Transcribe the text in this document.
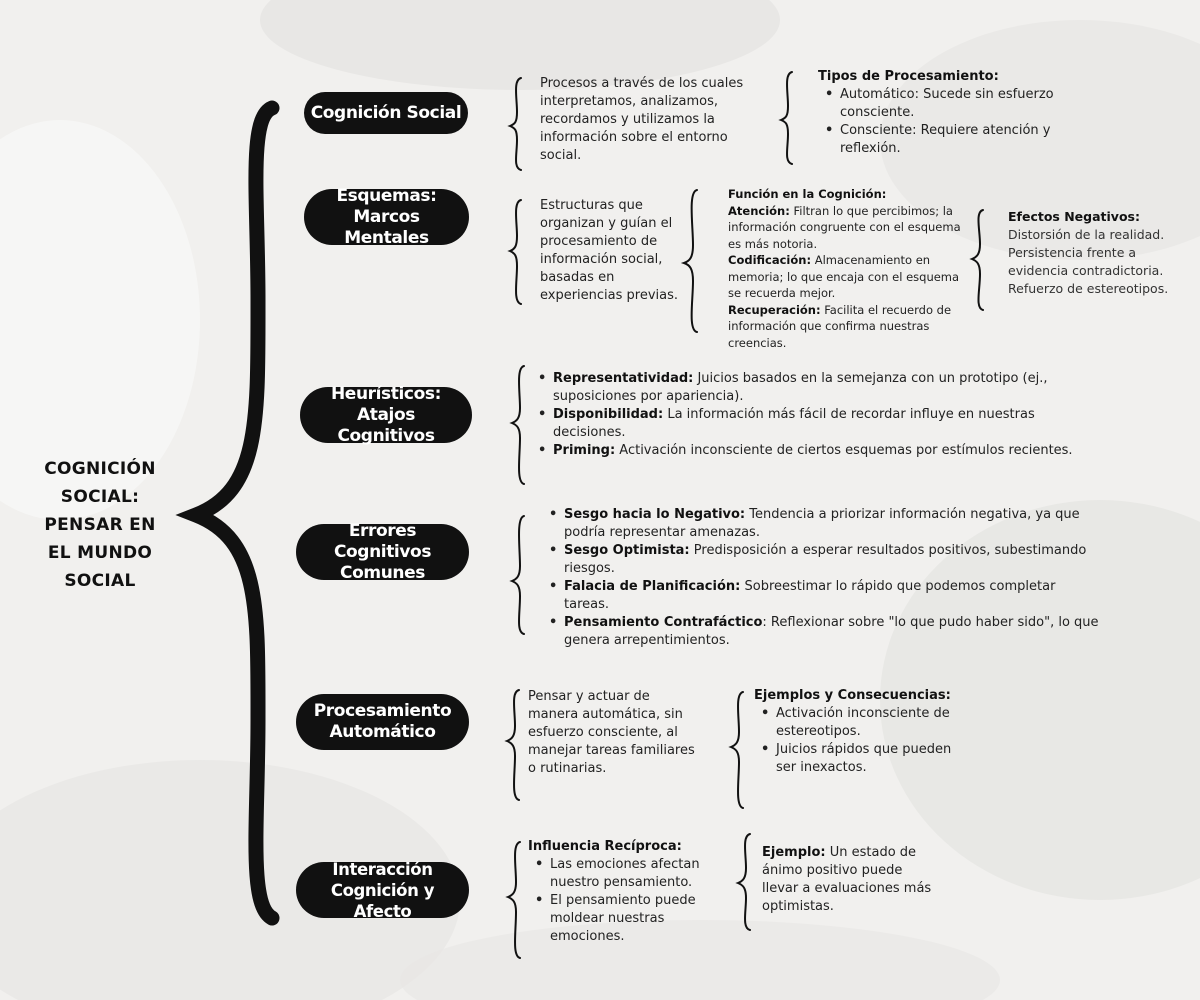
COGNICIÓN SOCIAL: PENSAR EN EL MUNDO SOCIAL
Cognición Social
Esquemas: Marcos Mentales
Heurísticos: Atajos Cognitivos
Errores Cognitivos Comunes
Procesamiento Automático
Interacción Cognición y Afecto
Procesos a través de los cuales interpretamos, analizamos, recordamos y utilizamos la información sobre el entorno social.
Tipos de Procesamiento:
• Automático: Sucede sin esfuerzo consciente.
• Consciente: Requiere atención y reflexión.
Estructuras que organizan y guían el procesamiento de información social, basadas en experiencias previas.
Función en la Cognición:
Atención: Filtran lo que percibimos; la información congruente con el esquema es más notoria.
Codificación: Almacenamiento en memoria; lo que encaja con el esquema se recuerda mejor.
Recuperación: Facilita el recuerdo de información que confirma nuestras creencias.
Efectos Negativos:
Distorsión de la realidad. Persistencia frente a evidencia contradictoria. Refuerzo de estereotipos.
• Representatividad: Juicios basados en la semejanza con un prototipo (ej., suposiciones por apariencia).
• Disponibilidad: La información más fácil de recordar influye en nuestras decisiones.
• Priming: Activación inconsciente de ciertos esquemas por estímulos recientes.
• Sesgo hacia lo Negativo: Tendencia a priorizar información negativa, ya que podría representar amenazas.
• Sesgo Optimista: Predisposición a esperar resultados positivos, subestimando riesgos.
• Falacia de Planificación: Sobreestimar lo rápido que podemos completar tareas.
• Pensamiento Contrafáctico: Reflexionar sobre "lo que pudo haber sido", lo que genera arrepentimientos.
Pensar y actuar de manera automática, sin esfuerzo consciente, al manejar tareas familiares o rutinarias.
Ejemplos y Consecuencias:
• Activación inconsciente de estereotipos.
• Juicios rápidos que pueden ser inexactos.
Influencia Recíproca:
• Las emociones afectan nuestro pensamiento.
• El pensamiento puede moldear nuestras emociones.
Ejemplo: Un estado de ánimo positivo puede llevar a evaluaciones más optimistas.
